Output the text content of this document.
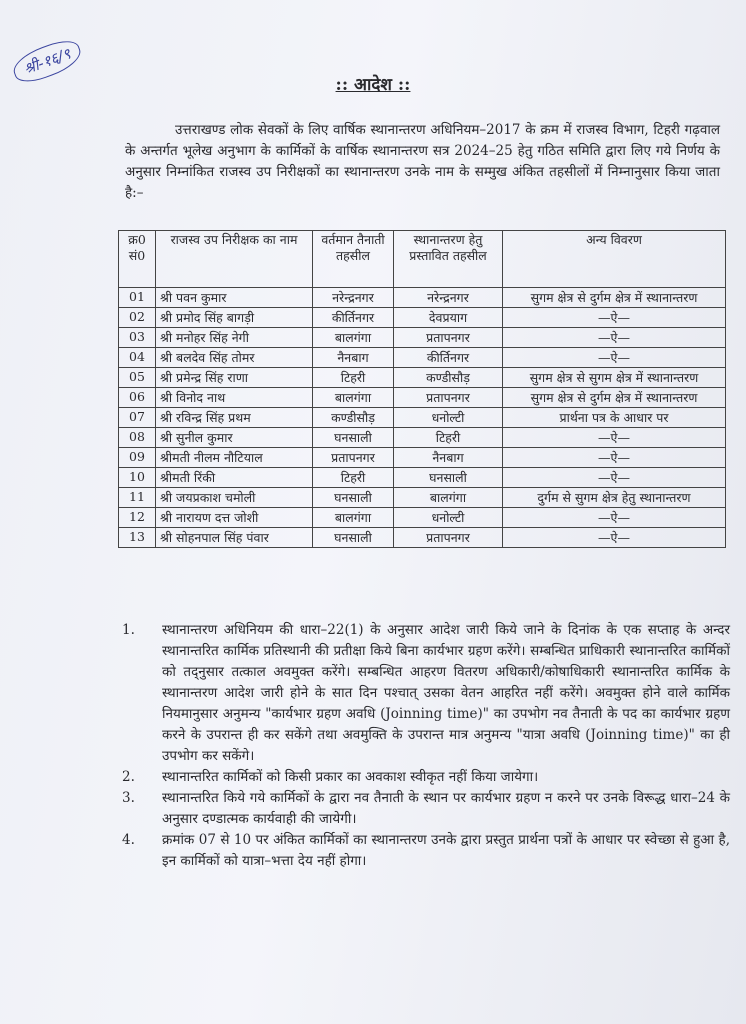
श्री-१६/९
:: आदेश ::

उत्तराखण्ड लोक सेवकों के लिए वार्षिक स्थानान्तरण अधिनियम–2017 के क्रम में राजस्व विभाग, टिहरी गढ़वाल के अन्तर्गत भूलेख अनुभाग के कार्मिकों के वार्षिक स्थानान्तरण सत्र 2024–25 हेतु गठित समिति द्वारा लिए गये निर्णय के अनुसार निम्नांकित राजस्व उप निरीक्षकों का स्थानान्तरण उनके नाम के सम्मुख अंकित तहसीलों में निम्नानुसार किया जाता है:–

क्र0 सं0	राजस्व उप निरीक्षक का नाम	वर्तमान तैनाती तहसील	स्थानान्तरण हेतु प्रस्तावित तहसील	अन्य विवरण
01	श्री पवन कुमार	नरेन्द्रनगर	नरेन्द्रनगर	सुगम क्षेत्र से दुर्गम क्षेत्र में स्थानान्तरण
02	श्री प्रमोद सिंह बागड़ी	कीर्तिनगर	देवप्रयाग	—ऐ—
03	श्री मनोहर सिंह नेगी	बालगंगा	प्रतापनगर	—ऐ—
04	श्री बलदेव सिंह तोमर	नैनबाग	कीर्तिनगर	—ऐ—
05	श्री प्रमेन्द्र सिंह राणा	टिहरी	कण्डीसौड़	सुगम क्षेत्र से सुगम क्षेत्र में स्थानान्तरण
06	श्री विनोद नाथ	बालगंगा	प्रतापनगर	सुगम क्षेत्र से दुर्गम क्षेत्र में स्थानान्तरण
07	श्री रविन्द्र सिंह प्रथम	कण्डीसौड़	धनोल्टी	प्रार्थना पत्र के आधार पर
08	श्री सुनील कुमार	घनसाली	टिहरी	—ऐ—
09	श्रीमती नीलम नौटियाल	प्रतापनगर	नैनबाग	—ऐ—
10	श्रीमती रिंकी	टिहरी	घनसाली	—ऐ—
11	श्री जयप्रकाश चमोली	घनसाली	बालगंगा	दुर्गम से सुगम क्षेत्र हेतु स्थानान्तरण
12	श्री नारायण दत्त जोशी	बालगंगा	धनोल्टी	—ऐ—
13	श्री सोहनपाल सिंह पंवार	घनसाली	प्रतापनगर	—ऐ—
1. स्थानान्तरण अधिनियम की धारा–22(1) के अनुसार आदेश जारी किये जाने के दिनांक के एक सप्ताह के अन्दर स्थानान्तरित कार्मिक प्रतिस्थानी की प्रतीक्षा किये बिना कार्यभार ग्रहण करेंगे। सम्बन्धित प्राधिकारी स्थानान्तरित कार्मिकों को तद्नुसार तत्काल अवमुक्त करेंगे। सम्बन्धित आहरण वितरण अधिकारी/कोषाधिकारी स्थानान्तरित कार्मिक के स्थानान्तरण आदेश जारी होने के सात दिन पश्चात् उसका वेतन आहरित नहीं करेंगे। अवमुक्त होने वाले कार्मिक नियमानुसार अनुमन्य "कार्यभार ग्रहण अवधि (Joinning time)" का उपभोग नव तैनाती के पद का कार्यभार ग्रहण करने के उपरान्त ही कर सकेंगे तथा अवमुक्ति के उपरान्त मात्र अनुमन्य "यात्रा अवधि (Joinning time)" का ही उपभोग कर सकेंगे।
2. स्थानान्तरित कार्मिकों को किसी प्रकार का अवकाश स्वीकृत नहीं किया जायेगा।
3. स्थानान्तरित किये गये कार्मिकों के द्वारा नव तैनाती के स्थान पर कार्यभार ग्रहण न करने पर उनके विरूद्ध धारा–24 के अनुसार दण्डात्मक कार्यवाही की जायेगी।
4. क्रमांक 07 से 10 पर अंकित कार्मिकों का स्थानान्तरण उनके द्वारा प्रस्तुत प्रार्थना पत्रों के आधार पर स्वेच्छा से हुआ है, इन कार्मिकों को यात्रा–भत्ता देय नहीं होगा।
